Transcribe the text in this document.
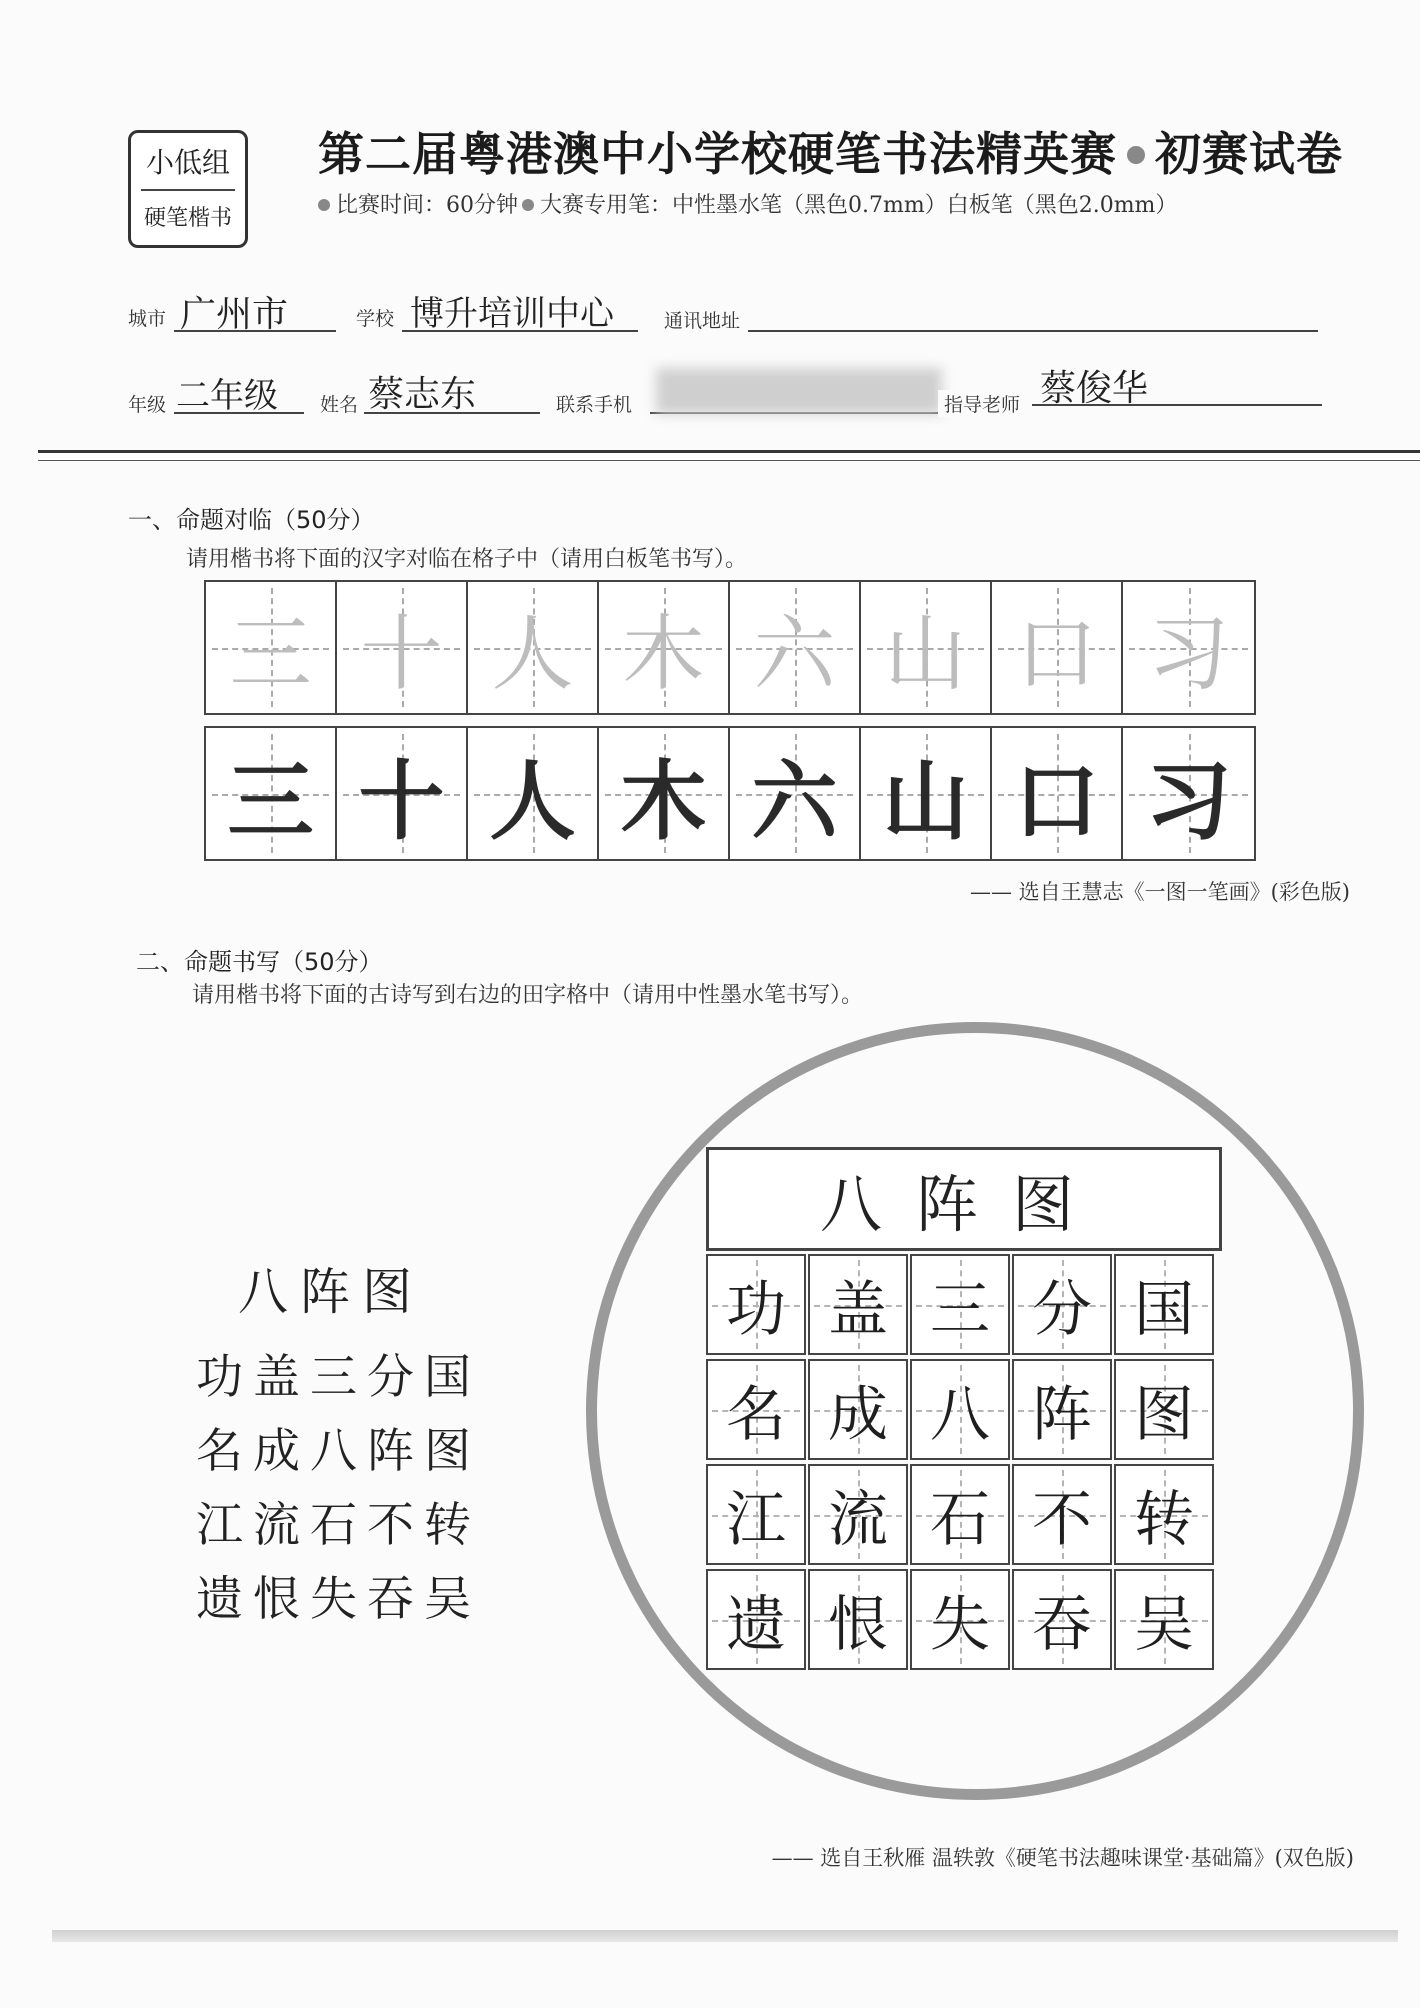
小低组
硬笔楷书
第二届粤港澳中小学校硬笔书法精英赛 初赛试卷
比赛时间：60分钟 大赛专用笔：中性墨水笔（黑色0.7mm）白板笔（黑色2.0mm）
城市 广州市	学校 博升培训中心	通讯地址
年级 二年级 姓名 蔡志东	联系手机	指导老师 蔡俊华
一、命题对临（50分）
请用楷书将下面的汉字对临在格子中（请用白板笔书写）。
三 十 人 木 六 山 口 习
三 十 人 木 六 山 口 习
—— 选自王慧志《一图一笔画》(彩色版)
二、命题书写（50分）
请用楷书将下面的古诗写到右边的田字格中（请用中性墨水笔书写）。
八阵图
功盖三分国
名成八阵图
江流石不转
遗恨失吞吴
八阵图
功 盖 三 分 国
名 成 八 阵 图
江 流 石 不 转
遗 恨 失 吞 吴
—— 选自王秋雁 温轶敦《硬笔书法趣味课堂·基础篇》(双色版)
